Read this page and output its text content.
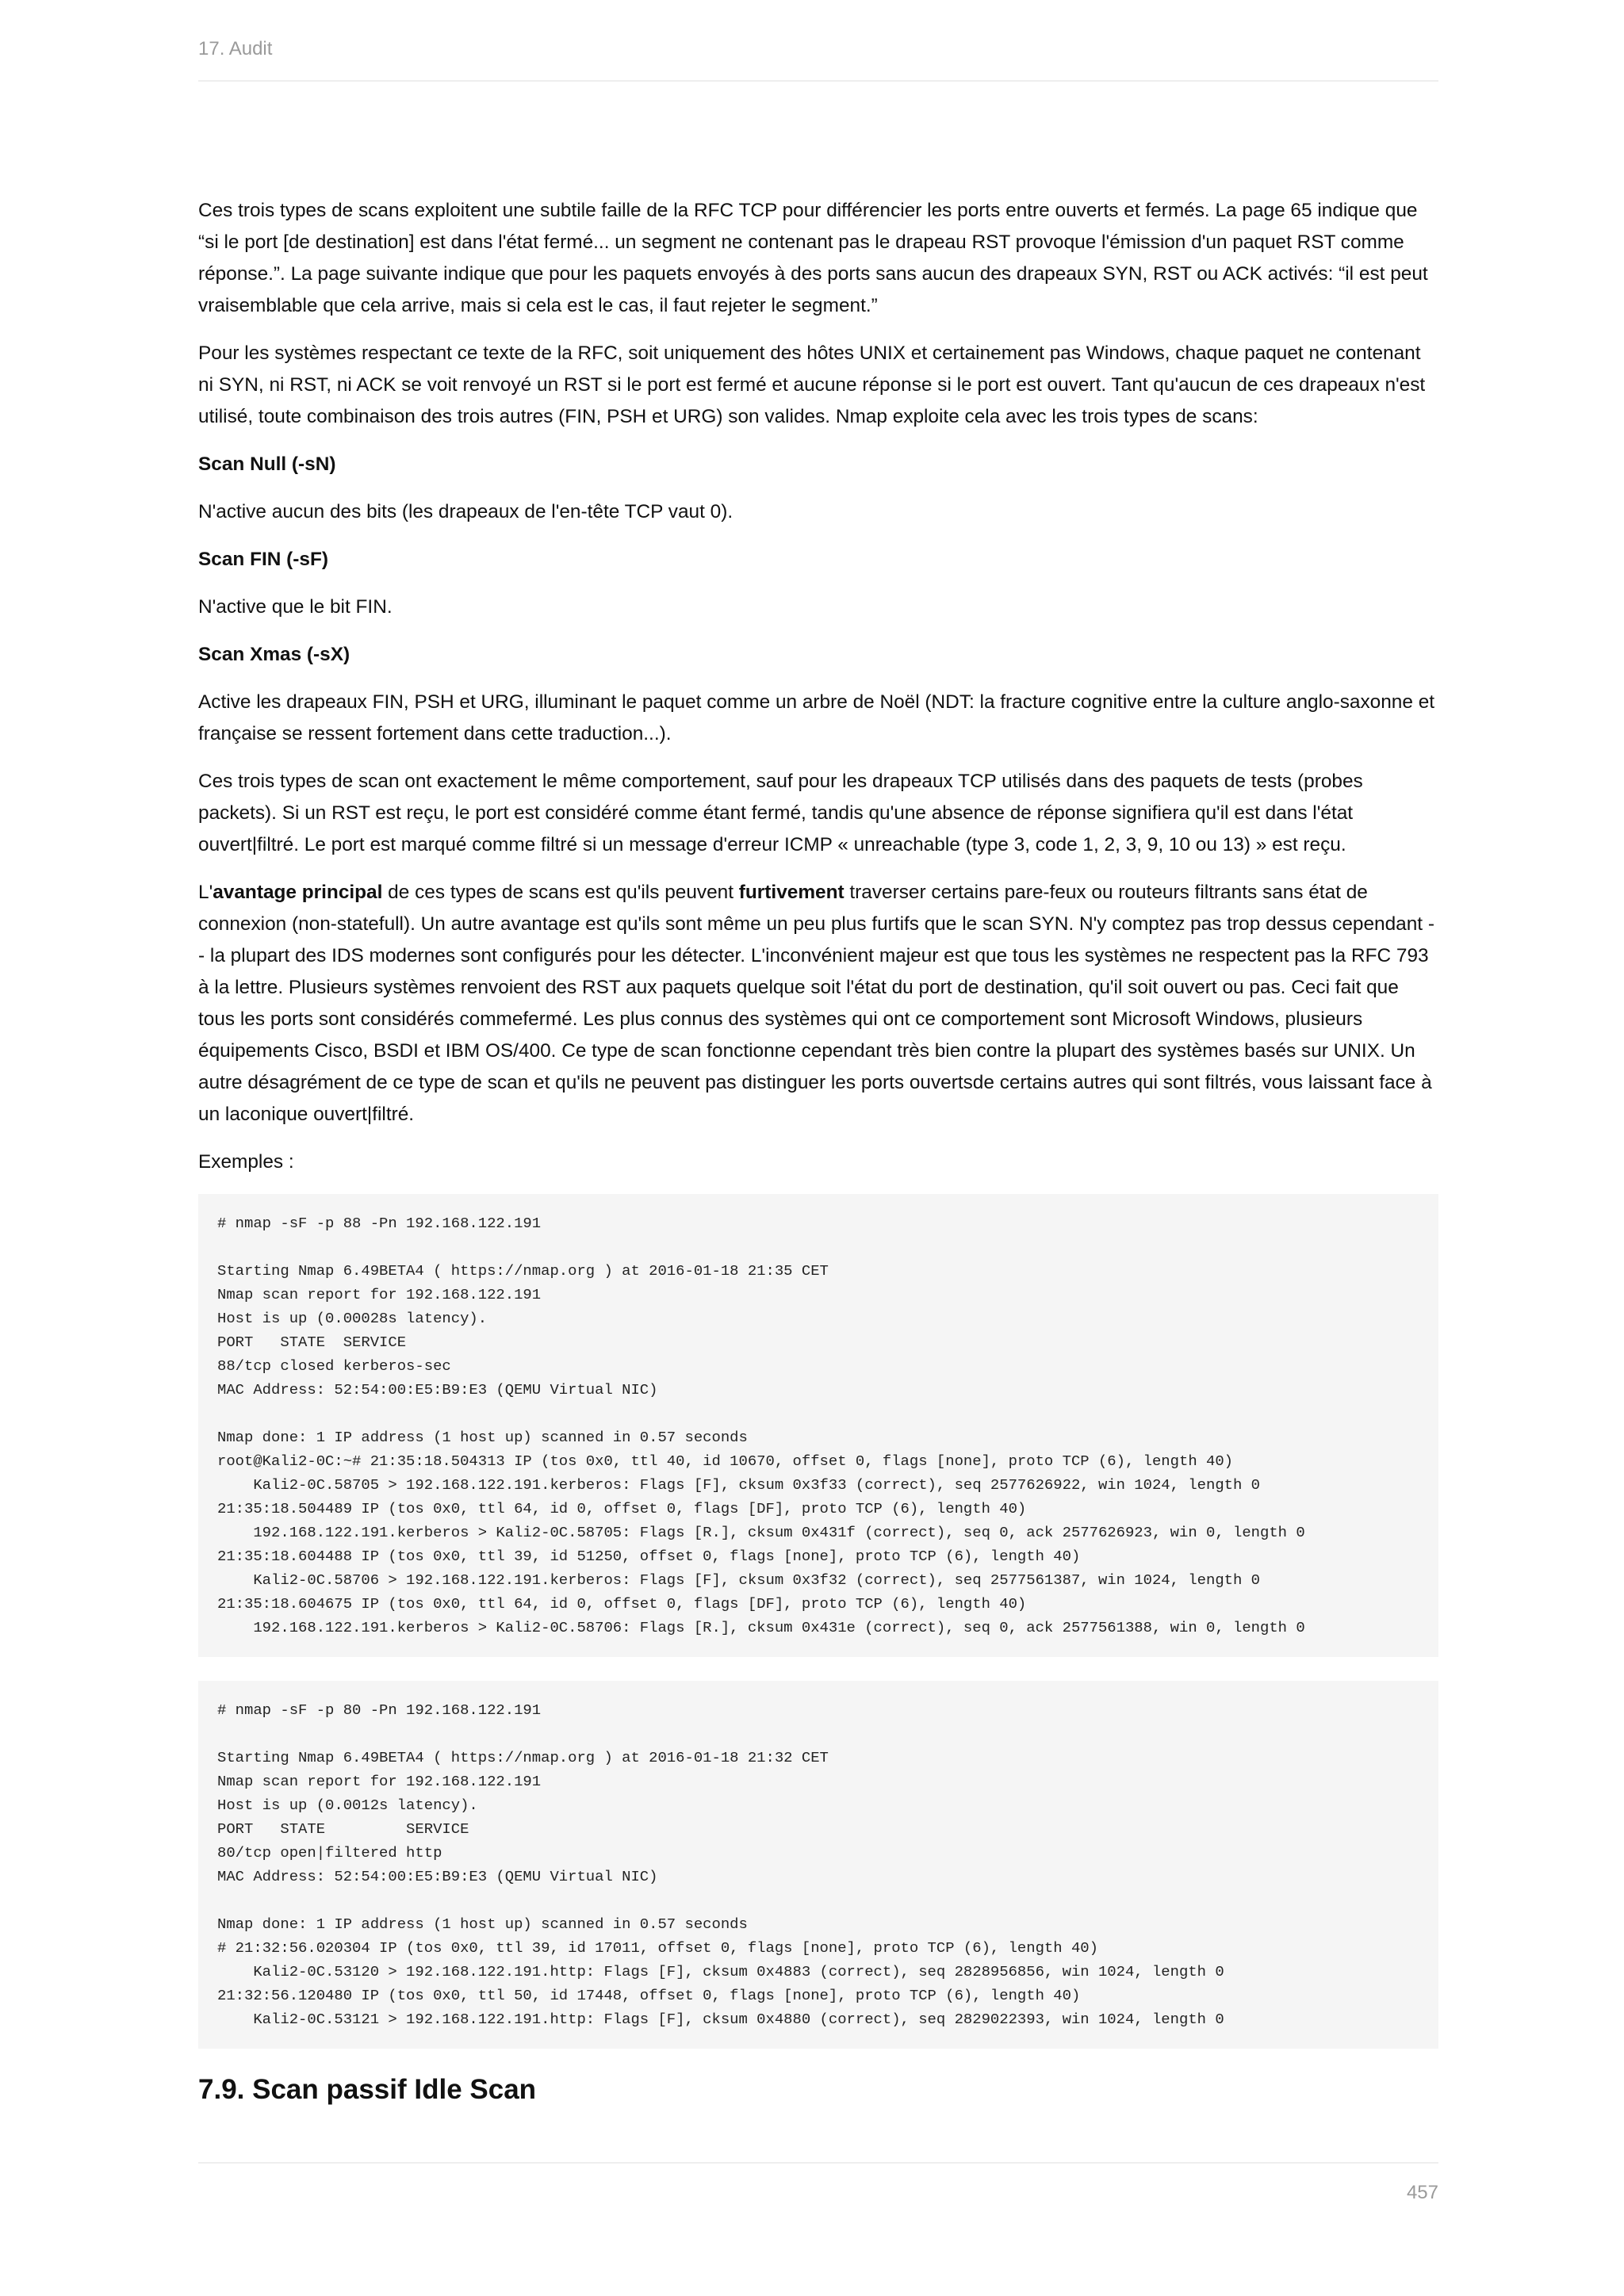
17. Audit

Ces trois types de scans exploitent une subtile faille de la RFC TCP pour différencier les ports entre ouverts et fermés. La page 65 indique que “si le port [de destination] est dans l'état fermé... un segment ne contenant pas le drapeau RST provoque l'émission d'un paquet RST comme réponse.”. La page suivante indique que pour les paquets envoyés à des ports sans aucun des drapeaux SYN, RST ou ACK activés: “il est peut vraisemblable que cela arrive, mais si cela est le cas, il faut rejeter le segment.”

Pour les systèmes respectant ce texte de la RFC, soit uniquement des hôtes UNIX et certainement pas Windows, chaque paquet ne contenant ni SYN, ni RST, ni ACK se voit renvoyé un RST si le port est fermé et aucune réponse si le port est ouvert. Tant qu'aucun de ces drapeaux n'est utilisé, toute combinaison des trois autres (FIN, PSH et URG) son valides. Nmap exploite cela avec les trois types de scans:

Scan Null (-sN)

N'active aucun des bits (les drapeaux de l'en-tête TCP vaut 0).

Scan FIN (-sF)

N'active que le bit FIN.

Scan Xmas (-sX)

Active les drapeaux FIN, PSH et URG, illuminant le paquet comme un arbre de Noël (NDT: la fracture cognitive entre la culture anglo-saxonne et française se ressent fortement dans cette traduction...).

Ces trois types de scan ont exactement le même comportement, sauf pour les drapeaux TCP utilisés dans des paquets de tests (probes packets). Si un RST est reçu, le port est considéré comme étant fermé, tandis qu'une absence de réponse signifiera qu'il est dans l'état ouvert|filtré. Le port est marqué comme filtré si un message d'erreur ICMP « unreachable (type 3, code 1, 2, 3, 9, 10 ou 13) » est reçu.

L'avantage principal de ces types de scans est qu'ils peuvent furtivement traverser certains pare-feux ou routeurs filtrants sans état de connexion (non-statefull). Un autre avantage est qu'ils sont même un peu plus furtifs que le scan SYN. N'y comptez pas trop dessus cependant -- la plupart des IDS modernes sont configurés pour les détecter. L'inconvénient majeur est que tous les systèmes ne respectent pas la RFC 793 à la lettre. Plusieurs systèmes renvoient des RST aux paquets quelque soit l'état du port de destination, qu'il soit ouvert ou pas. Ceci fait que tous les ports sont considérés commefermé. Les plus connus des systèmes qui ont ce comportement sont Microsoft Windows, plusieurs équipements Cisco, BSDI et IBM OS/400. Ce type de scan fonctionne cependant très bien contre la plupart des systèmes basés sur UNIX. Un autre désagrément de ce type de scan et qu'ils ne peuvent pas distinguer les ports ouvertsde certains autres qui sont filtrés, vous laissant face à un laconique ouvert|filtré.

Exemples :

# nmap -sF -p 88 -Pn 192.168.122.191
Starting Nmap 6.49BETA4 ( https://nmap.org ) at 2016-01-18 21:35 CET
Nmap scan report for 192.168.122.191
Host is up (0.00028s latency).
PORT   STATE  SERVICE
88/tcp closed kerberos-sec
MAC Address: 52:54:00:E5:B9:E3 (QEMU Virtual NIC)
Nmap done: 1 IP address (1 host up) scanned in 0.57 seconds
root@Kali2-0C:~# 21:35:18.504313 IP (tos 0x0, ttl 40, id 10670, offset 0, flags [none], proto TCP (6), length 40)
Kali2-0C.58705 > 192.168.122.191.kerberos: Flags [F], cksum 0x3f33 (correct), seq 2577626922, win 1024, length 0
21:35:18.504489 IP (tos 0x0, ttl 64, id 0, offset 0, flags [DF], proto TCP (6), length 40)
192.168.122.191.kerberos > Kali2-0C.58705: Flags [R.], cksum 0x431f (correct), seq 0, ack 2577626923, win 0, length 0
21:35:18.604488 IP (tos 0x0, ttl 39, id 51250, offset 0, flags [none], proto TCP (6), length 40)
Kali2-0C.58706 > 192.168.122.191.kerberos: Flags [F], cksum 0x3f32 (correct), seq 2577561387, win 1024, length 0
21:35:18.604675 IP (tos 0x0, ttl 64, id 0, offset 0, flags [DF], proto TCP (6), length 40)
192.168.122.191.kerberos > Kali2-0C.58706: Flags [R.], cksum 0x431e (correct), seq 0, ack 2577561388, win 0, length 0
# nmap -sF -p 80 -Pn 192.168.122.191
Starting Nmap 6.49BETA4 ( https://nmap.org ) at 2016-01-18 21:32 CET
Nmap scan report for 192.168.122.191
Host is up (0.0012s latency).
PORT   STATE         SERVICE
80/tcp open|filtered http
MAC Address: 52:54:00:E5:B9:E3 (QEMU Virtual NIC)
Nmap done: 1 IP address (1 host up) scanned in 0.57 seconds
# 21:32:56.020304 IP (tos 0x0, ttl 39, id 17011, offset 0, flags [none], proto TCP (6), length 40)
Kali2-0C.53120 > 192.168.122.191.http: Flags [F], cksum 0x4883 (correct), seq 2828956856, win 1024, length 0
21:32:56.120480 IP (tos 0x0, ttl 50, id 17448, offset 0, flags [none], proto TCP (6), length 40)
Kali2-0C.53121 > 192.168.122.191.http: Flags [F], cksum 0x4880 (correct), seq 2829022393, win 1024, length 0
7.9. Scan passif Idle Scan
457
